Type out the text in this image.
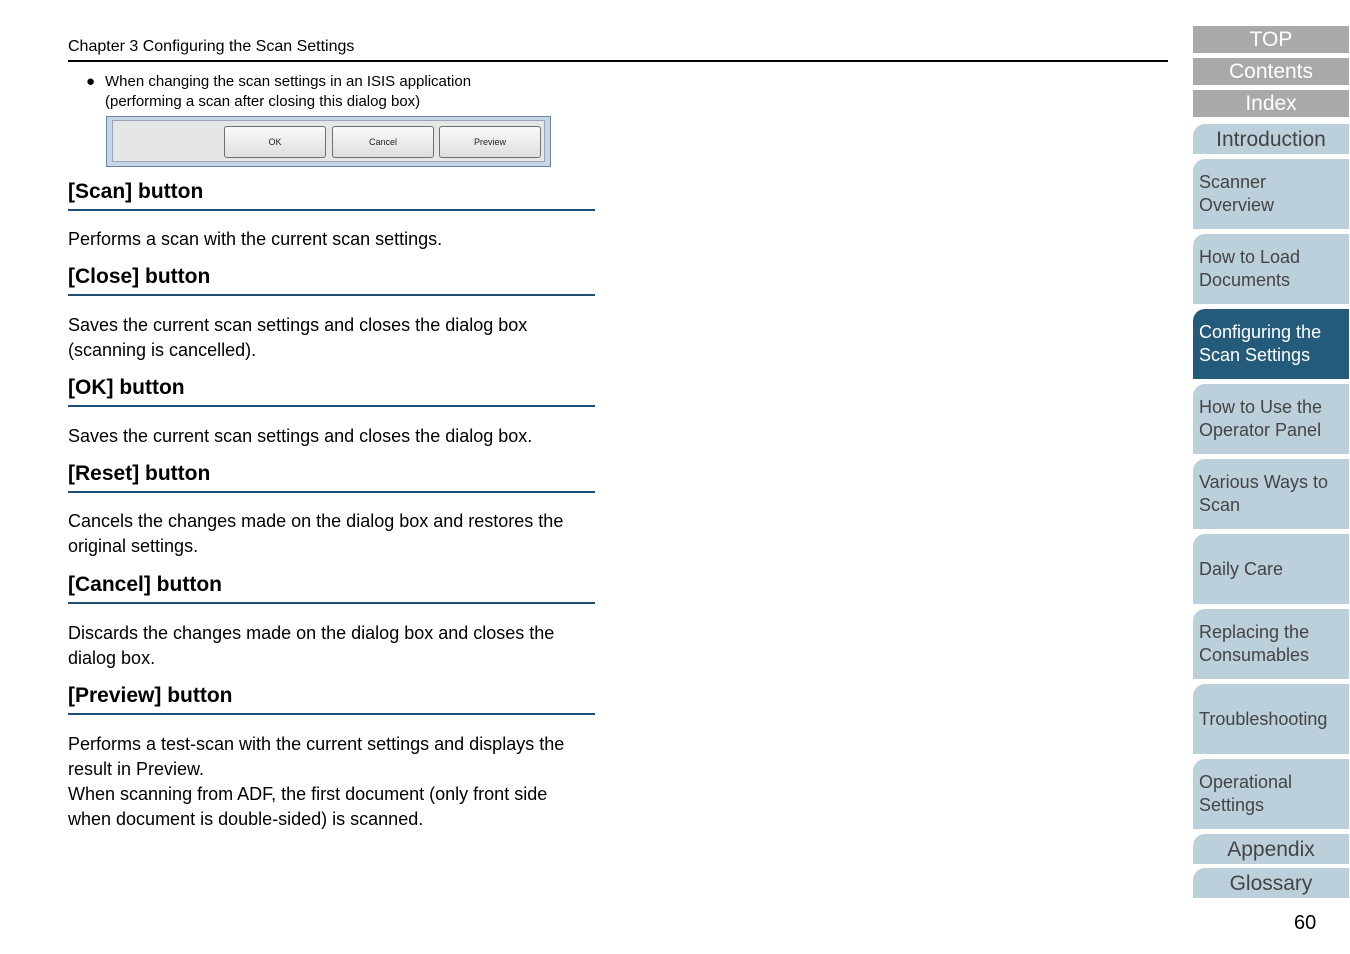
Chapter 3 Configuring the Scan Settings
● When changing the scan settings in an ISIS application
(performing a scan after closing this dialog box)
OK	Cancel	Preview
[Scan] button
Performs a scan with the current scan settings.
[Close] button
Saves the current scan settings and closes the dialog box
(scanning is cancelled).
[OK] button
Saves the current scan settings and closes the dialog box.
[Reset] button
Cancels the changes made on the dialog box and restores the
original settings.
[Cancel] button
Discards the changes made on the dialog box and closes the
dialog box.
[Preview] button
Performs a test-scan with the current settings and displays the
result in Preview.
When scanning from ADF, the first document (only front side
when document is double-sided) is scanned.
TOP
Contents
Index
Introduction
Scanner
Overview
How to Load
Documents
Configuring the
Scan Settings
How to Use the
Operator Panel
Various Ways to
Scan
Daily Care
Replacing the
Consumables
Troubleshooting
Operational
Settings
Appendix
Glossary
60
